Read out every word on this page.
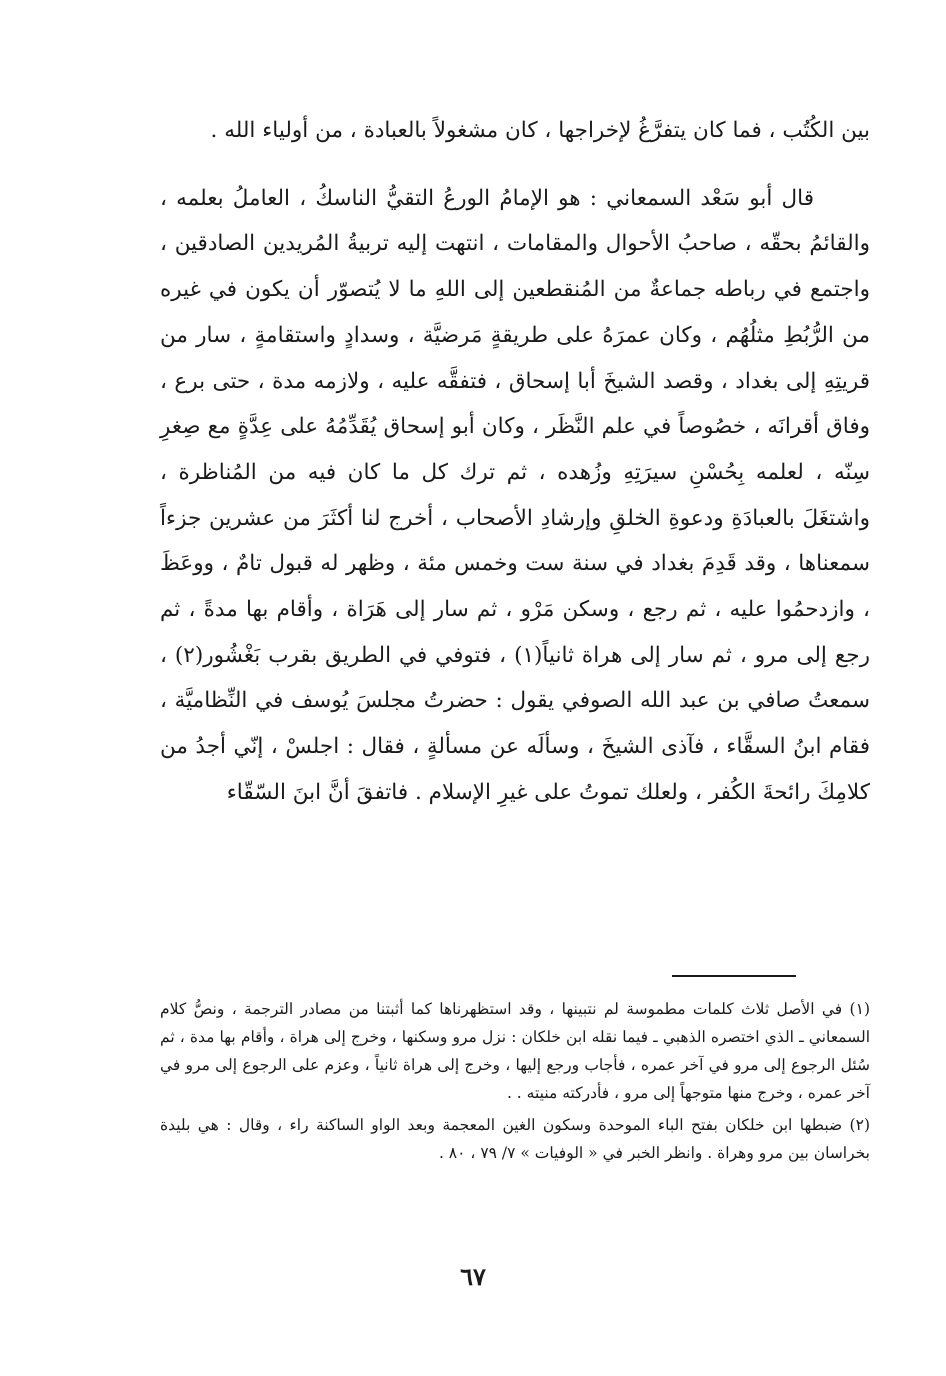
بين الكُتُب ، فما كان يتفرَّغُ لإخراجها ، كان مشغولاً بالعبادة ، من أولياء الله .

قال أبو سَعْد السمعاني : هو الإمامُ الورعُ التقيُّ الناسكُ ، العاملُ بعلمه ، والقائمُ بحقّه ، صاحبُ الأحوال والمقامات ، انتهت إليه تربيةُ المُريدين الصادقين ، واجتمع في رباطه جماعةٌ من المُنقطعين إلى اللهِ ما لا يُتصوّر أن يكون في غيره من الرُّبُطِ مثلُهُم ، وكان عمرَهُ على طريقةٍ مَرضيَّة ، وسدادٍ واستقامةٍ ، سار من قريتِهِ إلى بغداد ، وقصد الشيخَ أبا إسحاق ، فتفقَّه عليه ، ولازمه مدة ، حتى برع ، وفاق أقرانَه ، خصُوصاً في علم النَّظَر ، وكان أبو إسحاق يُقَدِّمُهُ على عِدَّةٍ مع صِغرِ سِنّه ، لعلمه بِحُسْنِ سيرَتِهِ وزُهده ، ثم ترك كل ما كان فيه من المُناظرة ، واشتغَلَ بالعبادَةِ ودعوةِ الخلقِ وإرشادِ الأصحاب ، أخرج لنا أكثَرَ من عشرين جزءاً سمعناها ، وقد قَدِمَ بغداد في سنة ست وخمس مئة ، وظهر له قبول تامٌ ، ووعَظَ ، وازدحمُوا عليه ، ثم رجع ، وسكن مَرْو ، ثم سار إلى هَرَاة ، وأقام بها مدةً ، ثم رجع إلى مرو ، ثم سار إلى هراة ثانياً(١) ، فتوفي في الطريق بقرب بَغْشُور(٢) ، سمعتُ صافي بن عبد الله الصوفي يقول : حضرتُ مجلسَ يُوسف في النِّظاميَّة ، فقام ابنُ السقَّاء ، فآذى الشيخَ ، وسألَه عن مسألةٍ ، فقال : اجلسْ ، إنّي أجدُ من كلامِكَ رائحةَ الكُفر ، ولعلك تموتُ على غيرِ الإسلام . فاتفقَ أنَّ ابنَ السّقّاء

(١) في الأصل ثلاث كلمات مطموسة لم نتبينها ، وقد استظهرناها كما أثبتنا من مصادر الترجمة ، ونصُّ كلام السمعاني ـ الذي اختصره الذهبي ـ فيما نقله ابن خلكان : نزل مرو وسكنها ، وخرج إلى هراة ، وأقام بها مدة ، ثم سُئل الرجوع إلى مرو في آخر عمره ، فأجاب ورجع إليها ، وخرج إلى هراة ثانياً ، وعزم على الرجوع إلى مرو في آخر عمره ، وخرج منها متوجهاً إلى مرو ، فأدركته منيته . .

(٢) ضبطها ابن خلكان بفتح الباء الموحدة وسكون الغين المعجمة وبعد الواو الساكنة راء ، وقال : هي بليدة بخراسان بين مرو وهراة . وانظر الخبر في « الوفيات » ٧/ ٧٩ ، ٨٠ .

٦٧
